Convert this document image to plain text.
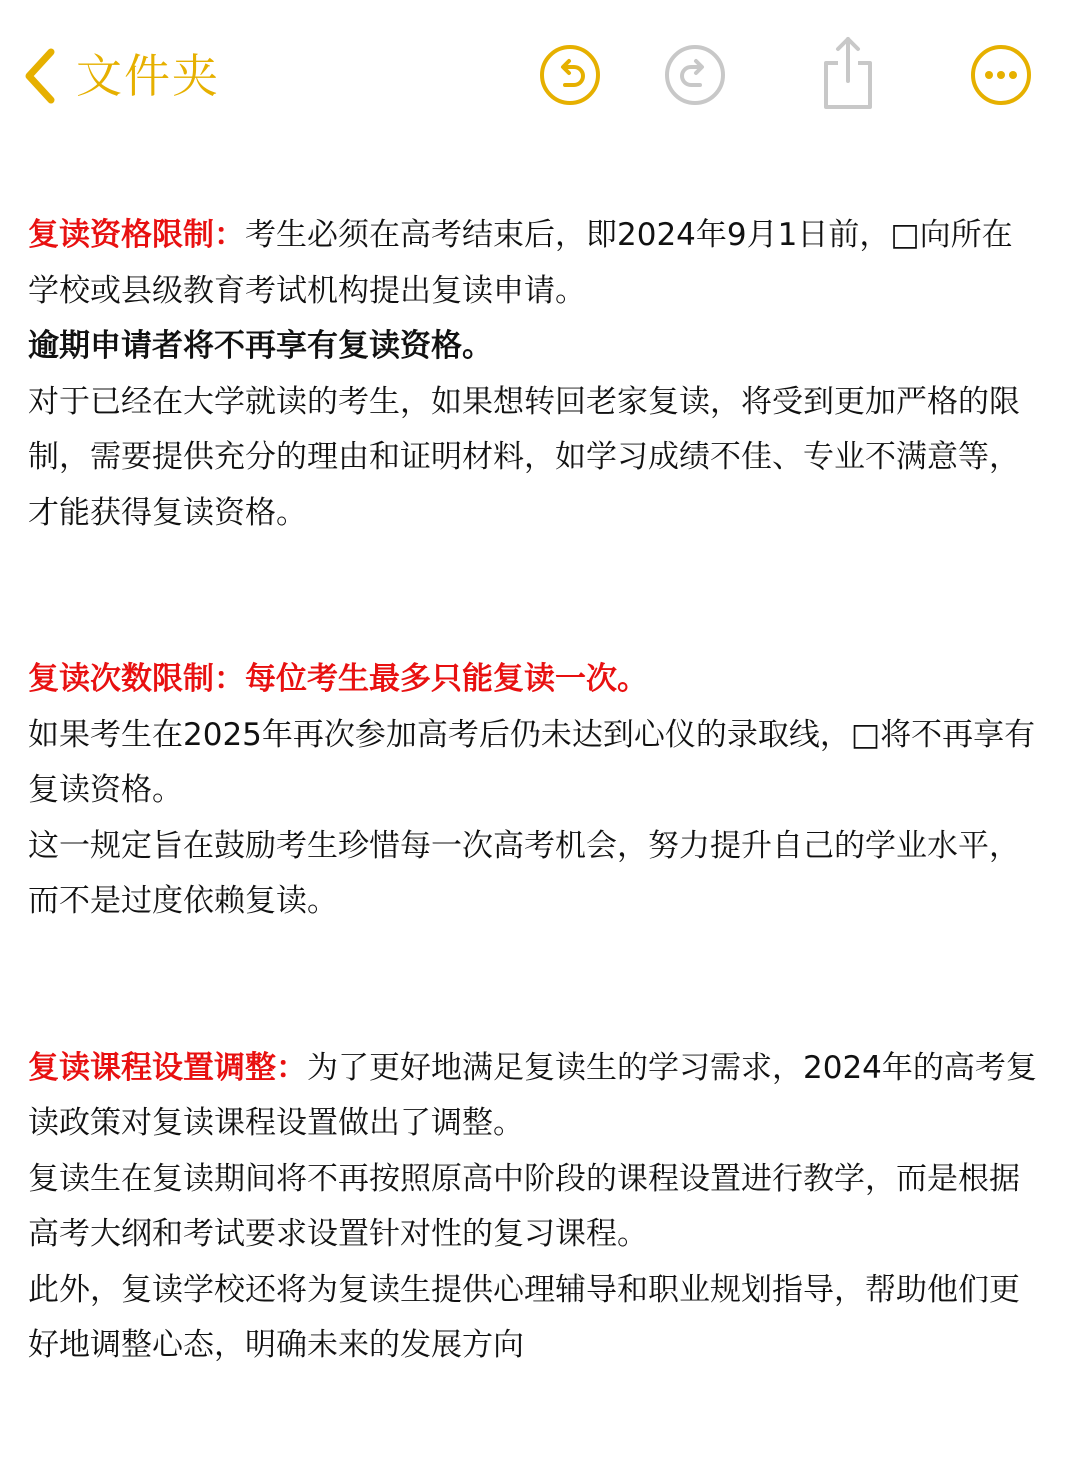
文件夹

复读资格限制：考生必须在高考结束后，即2024年9月1日前，□向所在学校或县级教育考试机构提出复读申请。

逾期申请者将不再享有复读资格。

对于已经在大学就读的考生，如果想转回老家复读，将受到更加严格的限制，需要提供充分的理由和证明材料，如学习成绩不佳、专业不满意等，才能获得复读资格。

复读次数限制：每位考生最多只能复读一次。

如果考生在2025年再次参加高考后仍未达到心仪的录取线，□将不再享有复读资格。

这一规定旨在鼓励考生珍惜每一次高考机会，努力提升自己的学业水平，而不是过度依赖复读。

复读课程设置调整：为了更好地满足复读生的学习需求，2024年的高考复读政策对复读课程设置做出了调整。

复读生在复读期间将不再按照原高中阶段的课程设置进行教学，而是根据高考大纲和考试要求设置针对性的复习课程。

此外，复读学校还将为复读生提供心理辅导和职业规划指导，帮助他们更好地调整心态，明确未来的发展方向
